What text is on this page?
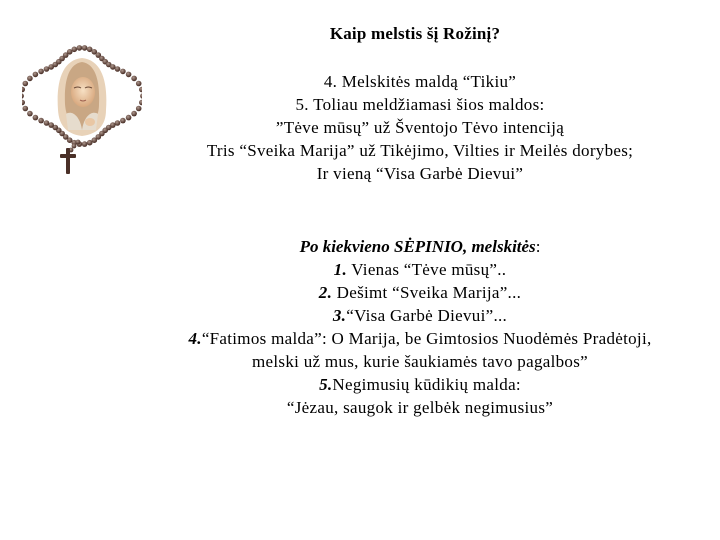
Kaip melstis šį Rožinį?
4. Melskitės maldą “Tikiu”
5. Toliau meldžiamasi šios maldos:
”Tėve mūsų” už Šventojo Tėvo intenciją
Tris “Sveika Marija” už Tikėjimo, Vilties ir Meilės dorybes;
Ir vieną “Visa Garbė Dievui”
Po kiekvieno SĖPINIO, melskitės:
1. Vienas “Tėve mūsų”..
2. Dešimt “Sveika Marija”...
3.“Visa Garbė Dievui”...
4.“Fatimos malda”: O Marija, be Gimtosios Nuodėmės Pradėtoji,
melski už mus, kurie šaukiamės tavo pagalbos”
5.Negimusių kūdikių malda:
“Jėzau, saugok ir gelbėk negimusius”
